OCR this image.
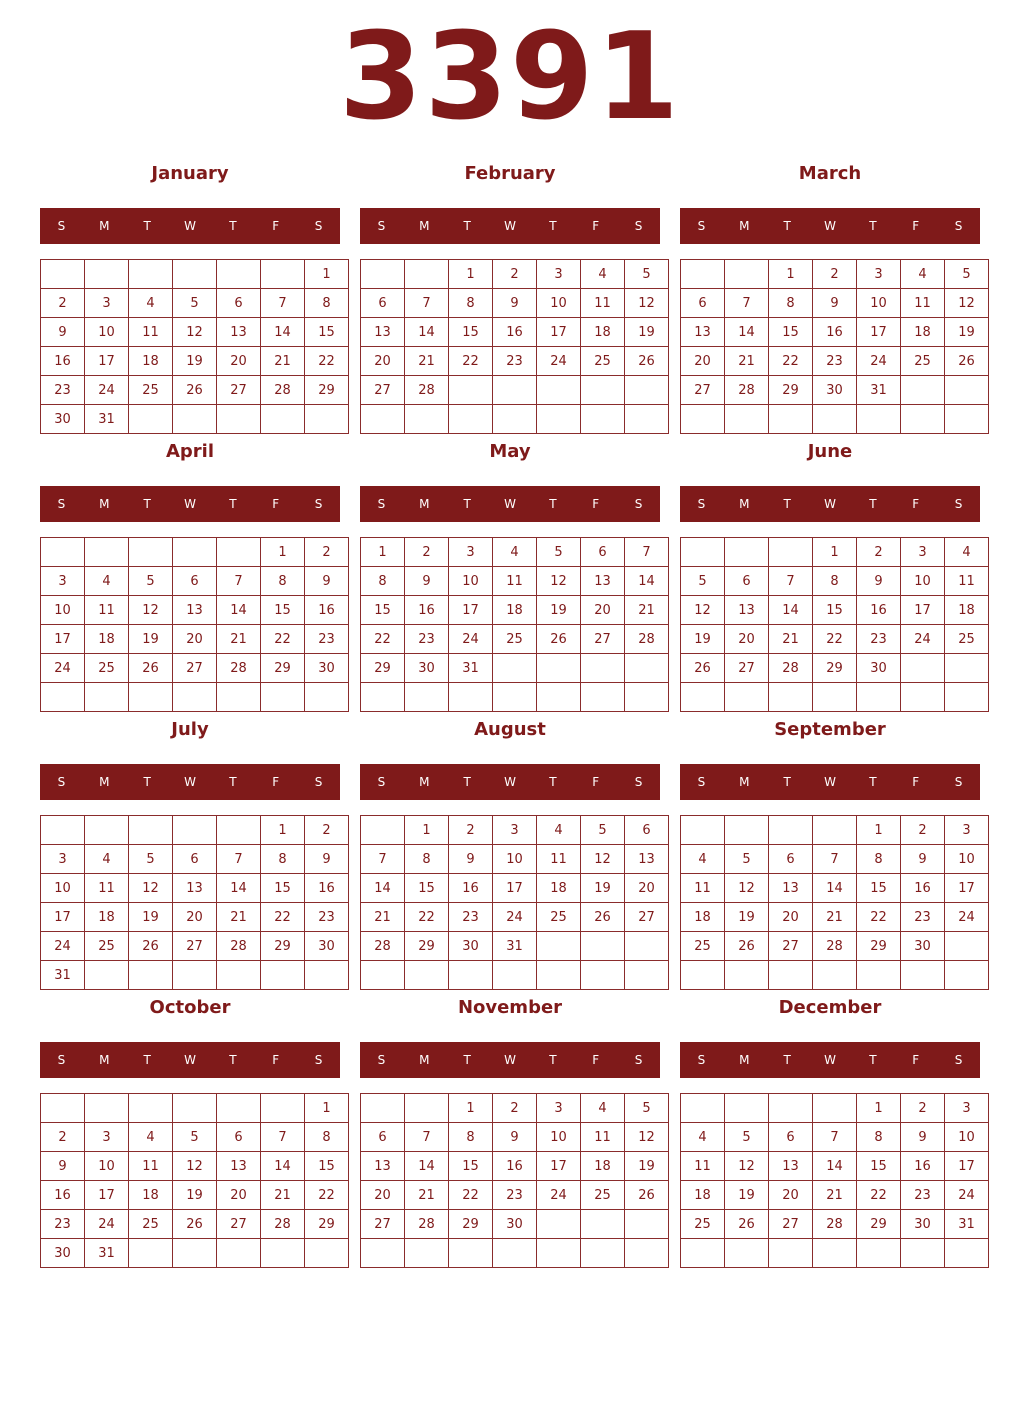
3391
January
S	M	T	W	T	F	S
						1
2	3	4	5	6	7	8
9	10	11	12	13	14	15
16	17	18	19	20	21	22
23	24	25	26	27	28	29
30	31					
February
S	M	T	W	T	F	S
		1	2	3	4	5
6	7	8	9	10	11	12
13	14	15	16	17	18	19
20	21	22	23	24	25	26
27	28					

March
S	M	T	W	T	F	S
		1	2	3	4	5
6	7	8	9	10	11	12
13	14	15	16	17	18	19
20	21	22	23	24	25	26
27	28	29	30	31		

April
S	M	T	W	T	F	S
					1	2
3	4	5	6	7	8	9
10	11	12	13	14	15	16
17	18	19	20	21	22	23
24	25	26	27	28	29	30

May
S	M	T	W	T	F	S
1	2	3	4	5	6	7
8	9	10	11	12	13	14
15	16	17	18	19	20	21
22	23	24	25	26	27	28
29	30	31				

June
S	M	T	W	T	F	S
			1	2	3	4
5	6	7	8	9	10	11
12	13	14	15	16	17	18
19	20	21	22	23	24	25
26	27	28	29	30		

July
S	M	T	W	T	F	S
					1	2
3	4	5	6	7	8	9
10	11	12	13	14	15	16
17	18	19	20	21	22	23
24	25	26	27	28	29	30
31						
August
S	M	T	W	T	F	S
	1	2	3	4	5	6
7	8	9	10	11	12	13
14	15	16	17	18	19	20
21	22	23	24	25	26	27
28	29	30	31			

September
S	M	T	W	T	F	S
				1	2	3
4	5	6	7	8	9	10
11	12	13	14	15	16	17
18	19	20	21	22	23	24
25	26	27	28	29	30	

October
S	M	T	W	T	F	S
						1
2	3	4	5	6	7	8
9	10	11	12	13	14	15
16	17	18	19	20	21	22
23	24	25	26	27	28	29
30	31					
November
S	M	T	W	T	F	S
		1	2	3	4	5
6	7	8	9	10	11	12
13	14	15	16	17	18	19
20	21	22	23	24	25	26
27	28	29	30			

December
S	M	T	W	T	F	S
				1	2	3
4	5	6	7	8	9	10
11	12	13	14	15	16	17
18	19	20	21	22	23	24
25	26	27	28	29	30	31
